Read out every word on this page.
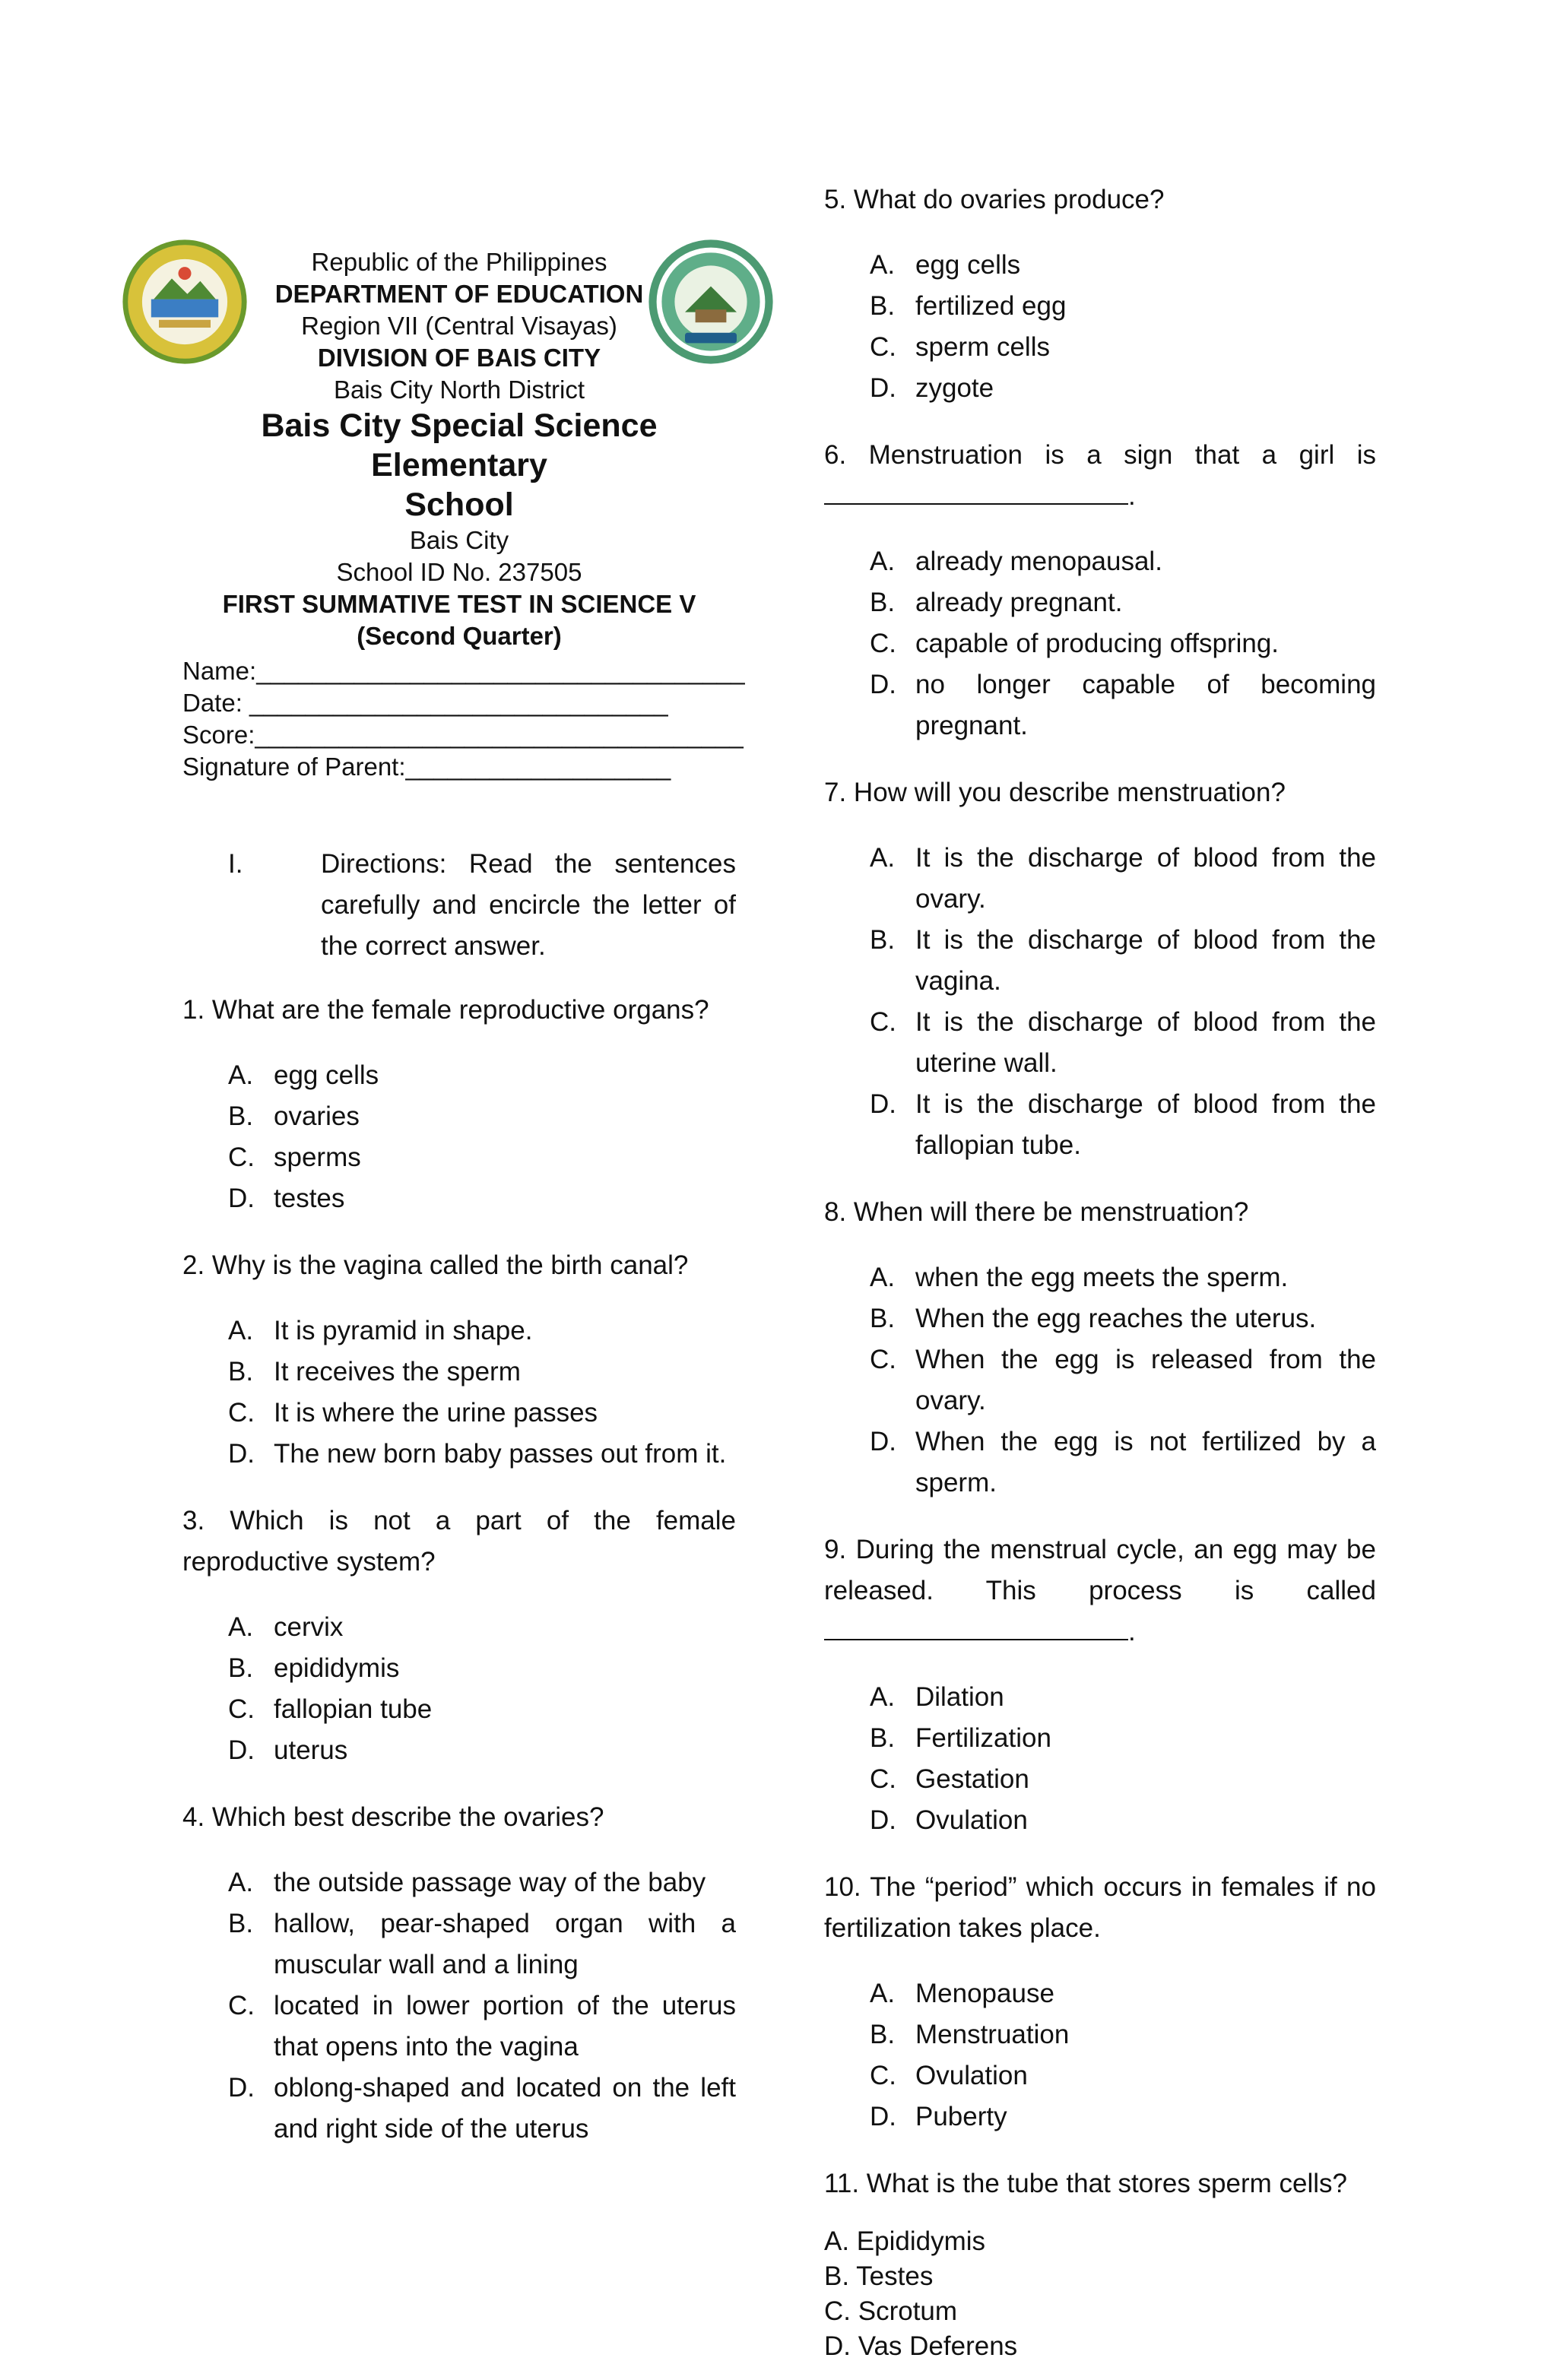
Republic of the Philippines
DEPARTMENT OF EDUCATION
Region VII (Central Visayas)
DIVISION OF BAIS CITY
Bais City North District
Bais City Special Science Elementary
School
Bais City
School ID No. 237505
FIRST SUMMATIVE TEST IN SCIENCE V
(Second Quarter)
Name:___________________________________
Date: ______________________________
Score:___________________________________
Signature of Parent:___________________
I.	Directions: Read the sentences carefully and encircle the letter of the correct answer.

1. What are the female reproductive organs?

A. egg cells
B. ovaries
C. sperms
D. testes

2. Why is the vagina called the birth canal?

A. It is pyramid in shape.
B. It receives the sperm
C. It is where the urine passes
D. The new born baby passes out from it.

3. Which is not a part of the female reproductive system?

A. cervix
B. epididymis
C. fallopian tube
D. uterus

4. Which best describe the ovaries?

A. the outside passage way of the baby
B. hallow, pear-shaped organ with a muscular wall and a lining
C. located in lower portion of the uterus that opens into the vagina
D. oblong-shaped and located on the left and right side of the uterus

5. What do ovaries produce?

A. egg cells
B. fertilized egg
C. sperm cells
D. zygote

6. Menstruation is a sign that a girl is

.

A. already menopausal.
B. already pregnant.
C. capable of producing offspring.
D. no longer capable of becoming pregnant.

7. How will you describe menstruation?

A. It is the discharge of blood from the ovary.
B. It is the discharge of blood from the vagina.
C. It is the discharge of blood from the uterine wall.
D. It is the discharge of blood from the fallopian tube.

8. When will there be menstruation?

A. when the egg meets the sperm.
B. When the egg reaches the uterus.
C. When the egg is released from the ovary.
D. When the egg is not fertilized by a sperm.

9. During the menstrual cycle, an egg may be released. This process is called

.

A. Dilation
B. Fertilization
C. Gestation
D. Ovulation

10. The “period” which occurs in females if no fertilization takes place.

A. Menopause
B. Menstruation
C. Ovulation
D. Puberty

11. What is the tube that stores sperm cells?

A. Epididymis
B. Testes
C. Scrotum
D. Vas Deferens
